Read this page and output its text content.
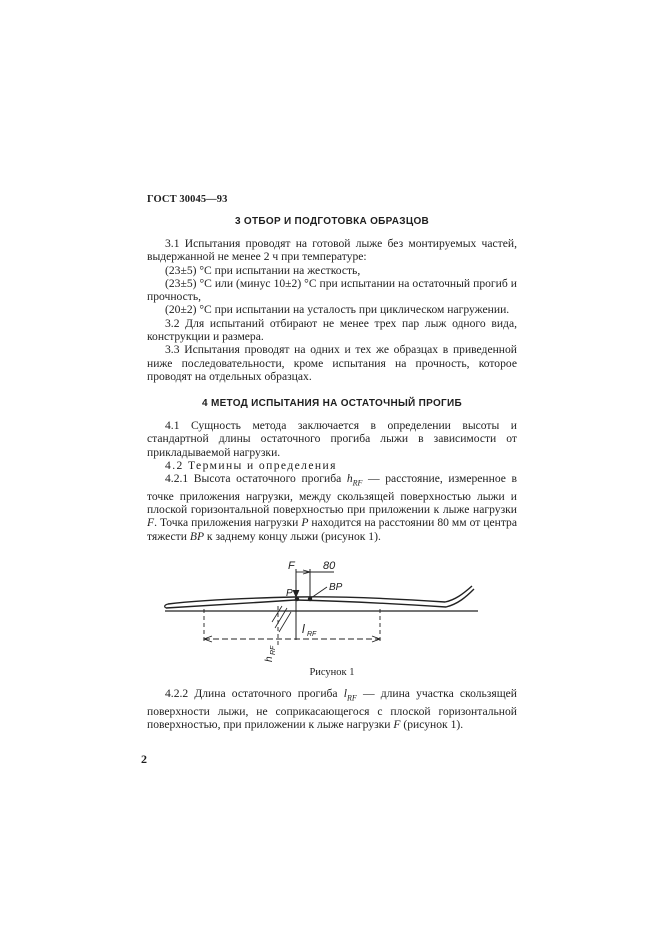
ГОСТ 30045—93
3 ОТБОР И ПОДГОТОВКА ОБРАЗЦОВ

3.1 Испытания проводят на готовой лыже без монтируемых частей, выдержанной не менее 2 ч при температуре:

(23±5) °С при испытании на жесткость,

(23±5) °С или (минус 10±2) °С при испытании на остаточный прогиб и прочность,

(20±2) °С при испытании на усталость при циклическом нагружении.

3.2 Для испытаний отбирают не менее трех пар лыж одного вида, конструкции и размера.

3.3 Испытания проводят на одних и тех же образцах в приведенной ниже последовательности, кроме испытания на прочность, которое проводят на отдельных образцах.

4 МЕТОД ИСПЫТАНИЯ НА ОСТАТОЧНЫЙ ПРОГИБ

4.1 Сущность метода заключается в определении высоты и стандартной длины остаточного прогиба лыжи в зависимости от прикладываемой нагрузки.

4.2 Термины и определения

4.2.1 Высота остаточного прогиба $h_{RF}$ — расстояние, измеренное в точке приложения нагрузки, между скользящей поверхностью лыжи и плоской горизонтальной поверхностью при приложении к лыже нагрузки F. Точка приложения нагрузки P находится на расстоянии 80 мм от центра тяжести BP к заднему концу лыжи (рисунок 1).

80
F
P
BP
l RF
h
RF
Рисунок 1

4.2.2 Длина остаточного прогиба $l_{RF}$ — длина участка скользящей поверхности лыжи, не соприкасающегося с плоской горизонтальной поверхностью, при приложении к лыже нагрузки F (рисунок 1).

2
